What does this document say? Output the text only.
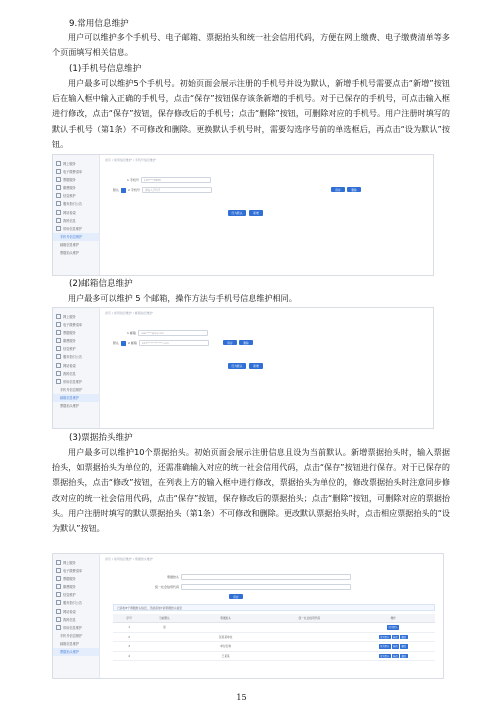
9.常用信息维护
用户可以维护多个手机号、电子邮箱、票据抬头和统一社会信用代码，方便在网上缴费、电子缴费清单等多个页面填写相关信息。
(1)手机号信息维护
用户最多可以维护5个手机号。初始页面会展示注册的手机号并设为默认，新增手机号需要点击“新增”按钮后在输入框中输入正确的手机号，点击“保存”按钮保存该条新增的手机号。对于已保存的手机号，可点击输入框进行修改，点击“保存”按钮，保存修改后的手机号；点击“删除”按钮，可删除对应的手机号。用户注册时填写的默认手机号（第1条）不可修改和删除。更换默认手机号时，需要勾选序号前的单选框后，再点击“设为默认”按钮。
网上服务
电子缴费清单
票据服务
缴费服务
信息维护
服务指引公告
网站检索
我的信息
常用信息维护
手机号信息维护
邮箱信息维护
票据抬头维护
首页 / 常用信息维护 / 手机号信息维护
1 手机号	138****8888
默认	2 手机号	请输入手机号	保存	删除
设为默认	新增
(2)邮箱信息维护
用户最多可以维护 5 个邮箱，操作方法与手机号信息维护相同。
网上服务
电子缴费清单
票据服务
缴费服务
信息维护
服务指引公告
网站检索
我的信息
常用信息维护
手机号信息维护
邮箱信息维护
票据抬头维护
首页 / 常用信息维护 / 邮箱信息维护
1 邮箱	user****@qq.com
默认	2 邮箱	163************.com	保存	删除
设为默认	新增
(3)票据抬头维护
用户最多可以维护10个票据抬头。初始页面会展示注册信息且设为当前默认。新增票据抬头时，输入票据抬头，如票据抬头为单位的，还需准确输入对应的统一社会信用代码，点击“保存”按钮进行保存。对于已保存的票据抬头，点击“修改”按钮，在列表上方的输入框中进行修改，票据抬头为单位的，修改票据抬头时注意同步修改对应的统一社会信用代码，点击“保存”按钮，保存修改后的票据抬头；点击“删除”按钮，可删除对应的票据抬头。用户注册时填写的默认票据抬头（第1条）不可修改和删除。更改默认票据抬头时，点击相应票据抬头的“设为默认”按钮。
网上服务
电子缴费清单
票据服务
缴费服务
信息维护
服务指引公告
网站检索
我的信息
常用信息维护
手机号信息维护
邮箱信息维护
票据抬头维护
首页 / 常用信息维护 / 票据抬头维护
票据抬头
统一社会信用代码
保存
已添加3个票据抬头信息，还能添加7条票据抬头信息
序号	当前默认	票据抬头	统一社会信用代码	操作
1	是			设为默认
2		张某某单位		设为默认 修改 删除
3		单位名称		设为默认 修改 删除
4		王某某		设为默认 修改 删除
15
